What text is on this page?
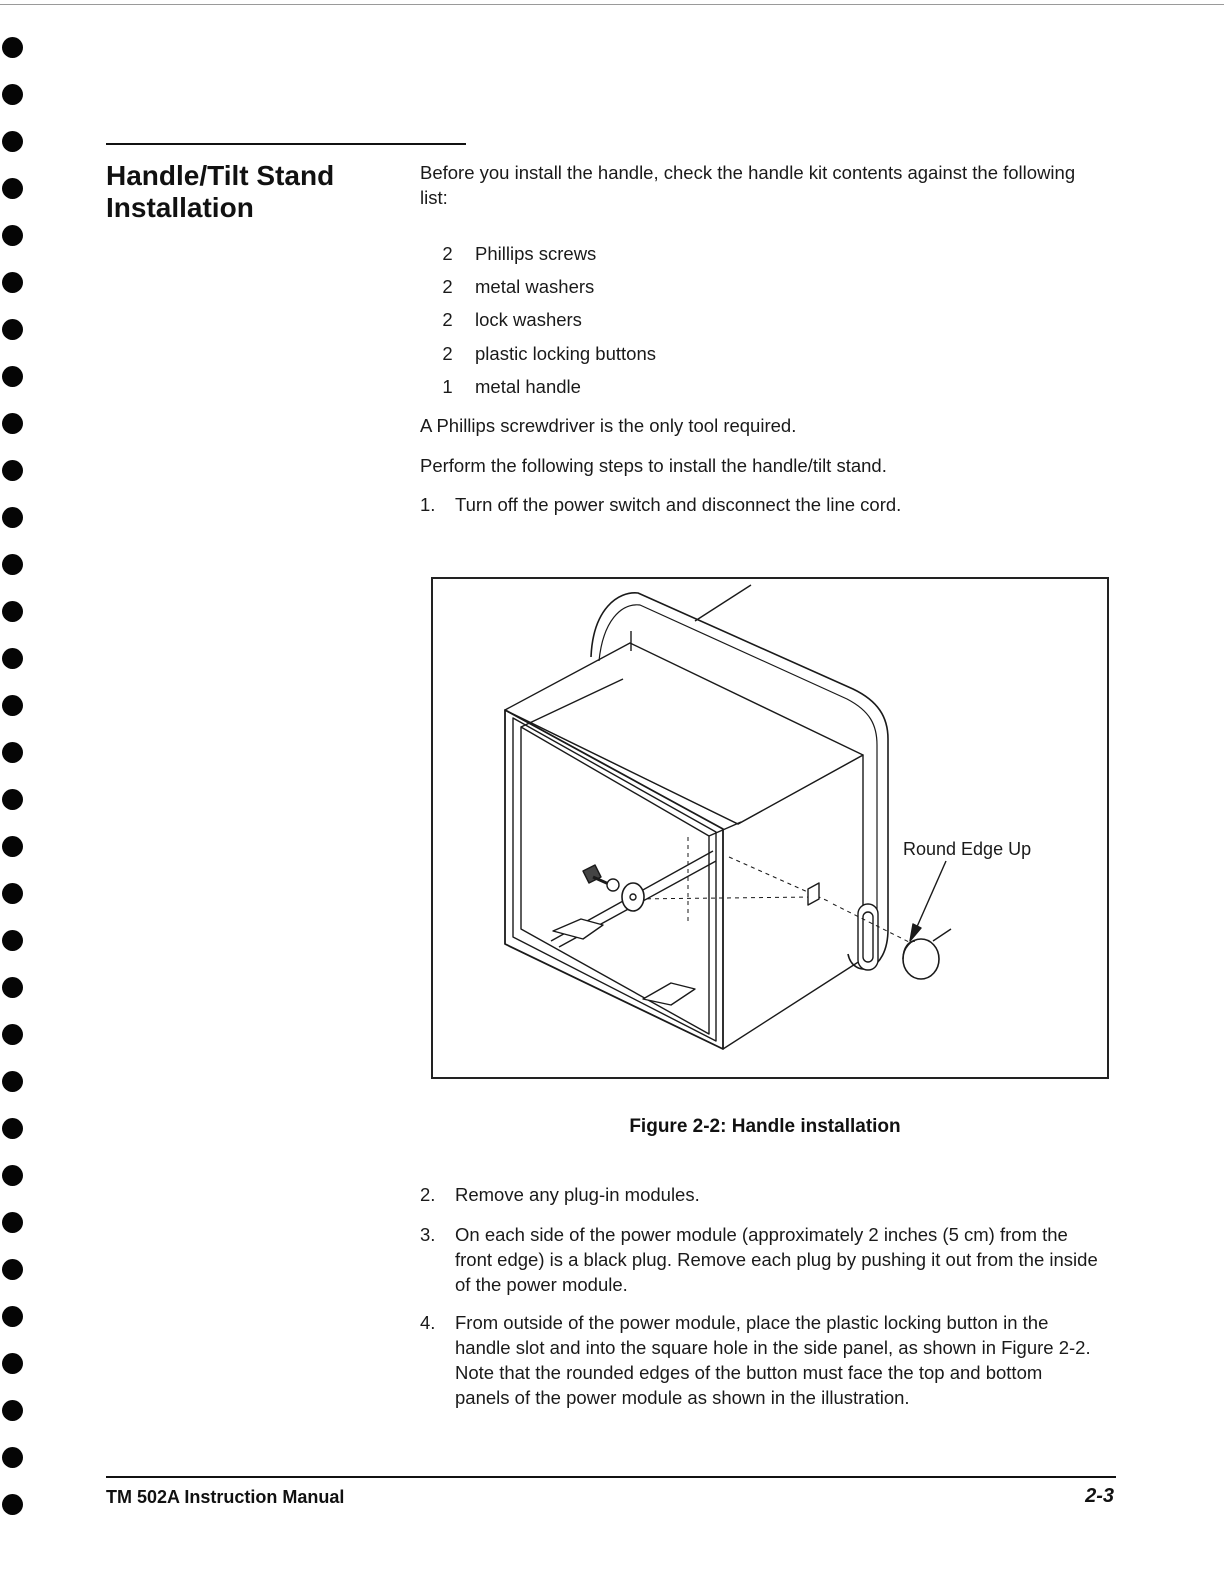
Handle/Tilt Stand Installation

Before you install the handle, check the handle kit contents against the following list:

2	Phillips screws
2	metal washers
2	lock washers
2	plastic locking buttons
1	metal handle

A Phillips screwdriver is the only tool required.

Perform the following steps to install the handle/tilt stand.

1.	Turn off the power switch and disconnect the line cord.
Round Edge Up

Figure 2-2: Handle installation

2.	Remove any plug-in modules.
3.	On each side of the power module (approximately 2 inches (5 cm) from the front edge) is a black plug. Remove each plug by pushing it out from the inside of the power module.
4.	From outside of the power module, place the plastic locking button in the handle slot and into the square hole in the side panel, as shown in Figure 2-2. Note that the rounded edges of the button must face the top and bottom panels of the power module as shown in the illustration.
TM 502A Instruction Manual	2-3
